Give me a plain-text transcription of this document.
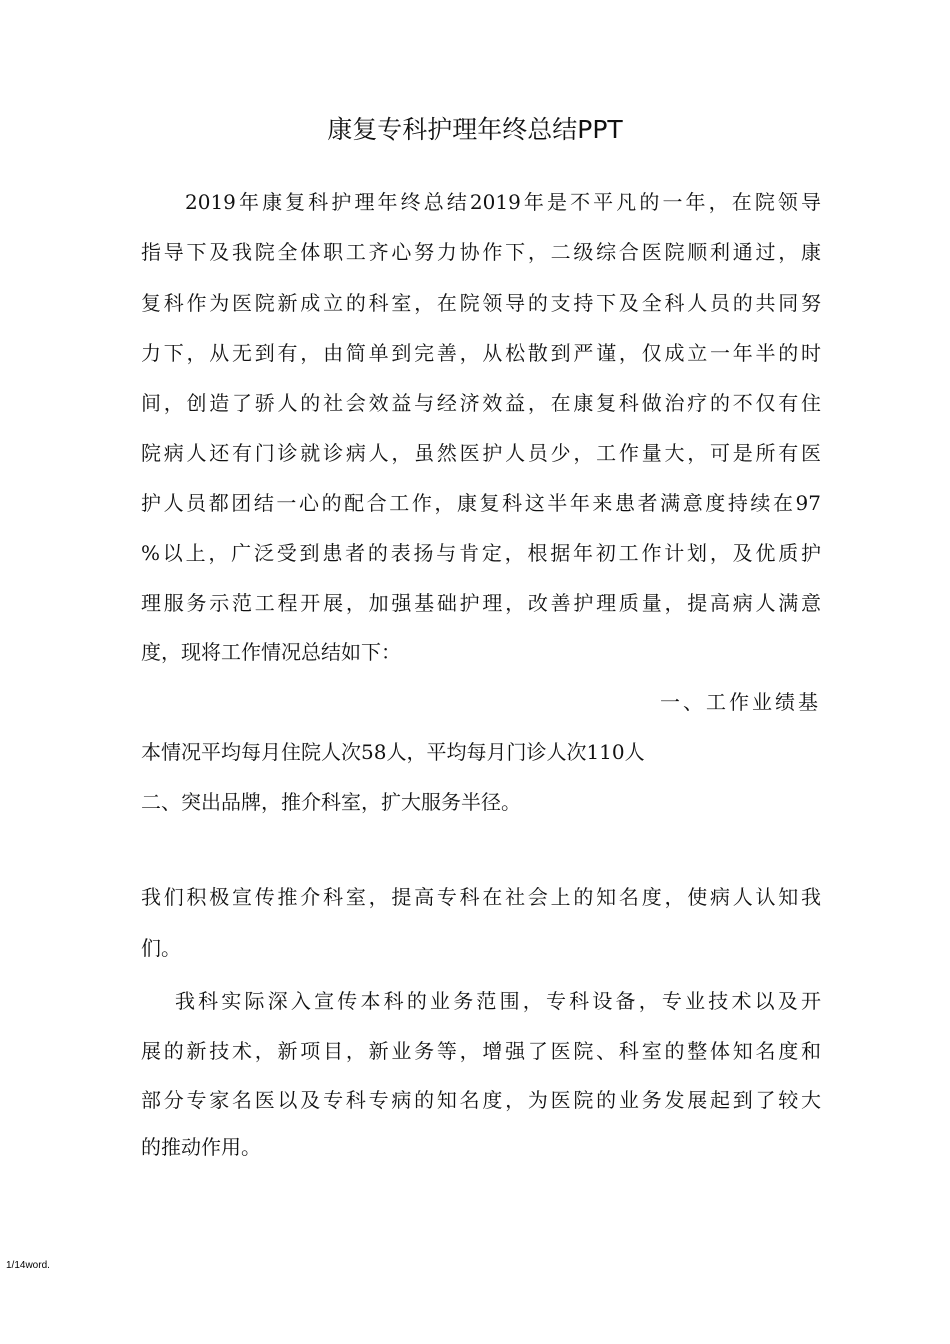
康复专科护理年终总结PPT
2019年康复科护理年终总结2019年是不平凡的一年，在院领导
指导下及我院全体职工齐心努力协作下，二级综合医院顺利通过，康
复科作为医院新成立的科室，在院领导的支持下及全科人员的共同努
力下，从无到有，由简单到完善，从松散到严谨，仅成立一年半的时
间，创造了骄人的社会效益与经济效益，在康复科做治疗的不仅有住
院病人还有门诊就诊病人，虽然医护人员少，工作量大，可是所有医
护人员都团结一心的配合工作，康复科这半年来患者满意度持续在97
%以上，广泛受到患者的表扬与肯定，根据年初工作计划，及优质护
理服务示范工程开展，加强基础护理，改善护理质量，提高病人满意
度，现将工作情况总结如下：
一、工作业绩基
本情况平均每月住院人次58人，平均每月门诊人次110人
二、突出品牌，推介科室，扩大服务半径。
我们积极宣传推介科室，提高专科在社会上的知名度，使病人认知我
们。
我科实际深入宣传本科的业务范围，专科设备，专业技术以及开
展的新技术，新项目，新业务等，增强了医院、科室的整体知名度和
部分专家名医以及专科专病的知名度，为医院的业务发展起到了较大
的推动作用。
1/14word.
